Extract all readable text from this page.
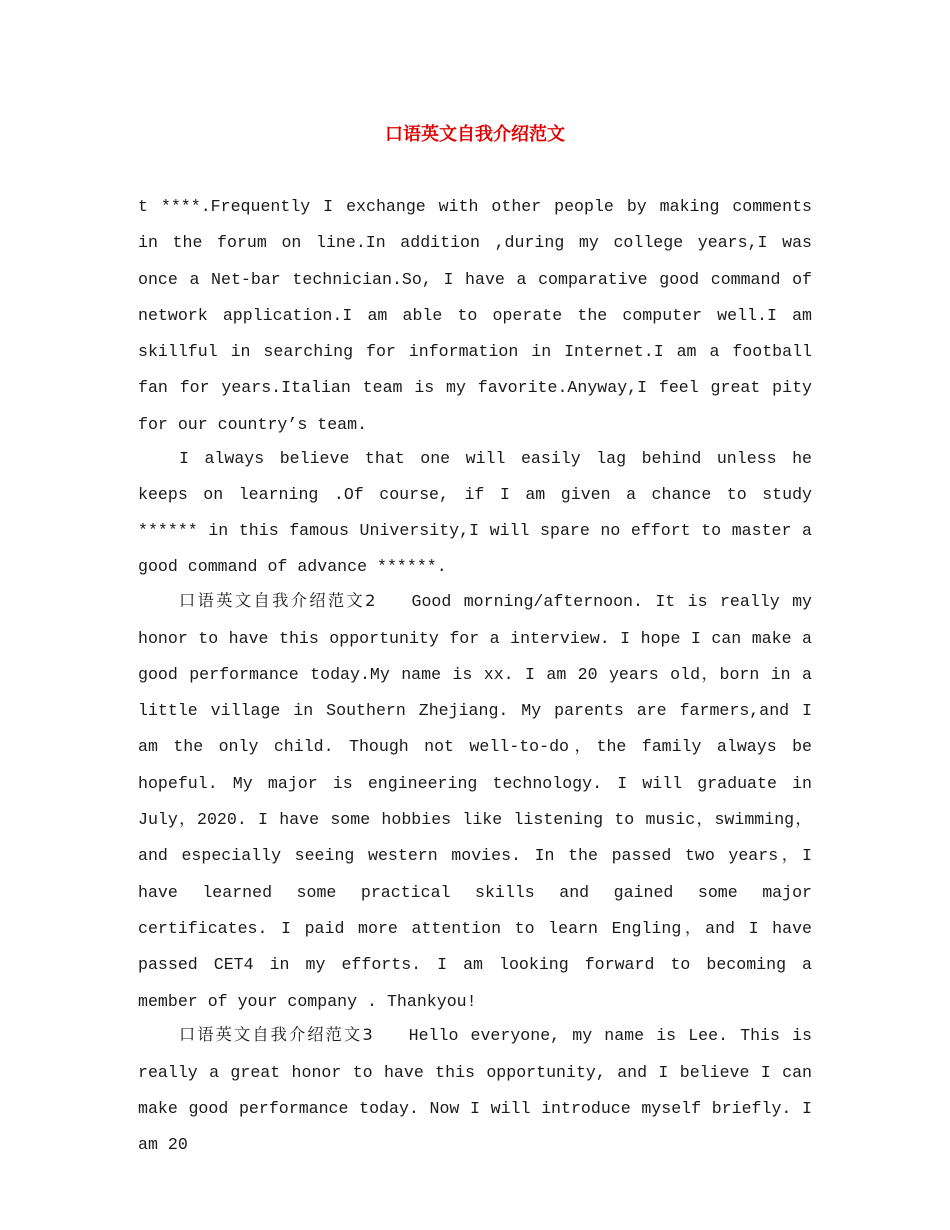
口语英文自我介绍范文

t ****.Frequently I exchange with other people by making comments in the forum on line.In addition ,during my college years,I was once a Net-bar technician.So, I have a comparative good command of network application.I am able to operate the computer well.I am skillful in searching for information in Internet.I am a football fan for years.Italian team is my favorite.Anyway,I feel great pity for our country’s team.

I always believe that one will easily lag behind unless he keeps on learning .Of course, if I am given a chance to study ****** in this famous University,I will spare no effort to master a good command of advance ******.

口语英文自我介绍范文2 Good morning/afternoon. It is really my honor to have this opportunity for a interview. I hope I can make a good performance today.My name is xx. I am 20 years old，born in a little village in Southern Zhejiang. My parents are farmers,and I am the only child. Though not well-to-do，the family always be hopeful. My major is engineering technology. I will graduate in July，2020. I have some hobbies like listening to music，swimming，and especially seeing western movies. In the passed two years，I have learned some practical skills and gained some major certificates. I paid more attention to learn Engling，and I have passed CET4 in my efforts. I am looking forward to becoming a member of your company . Thankyou!

口语英文自我介绍范文3 Hello everyone, my name is Lee. This is really a great honor to have this opportunity, and I believe I can make good performance today. Now I will introduce myself briefly. I am 20
